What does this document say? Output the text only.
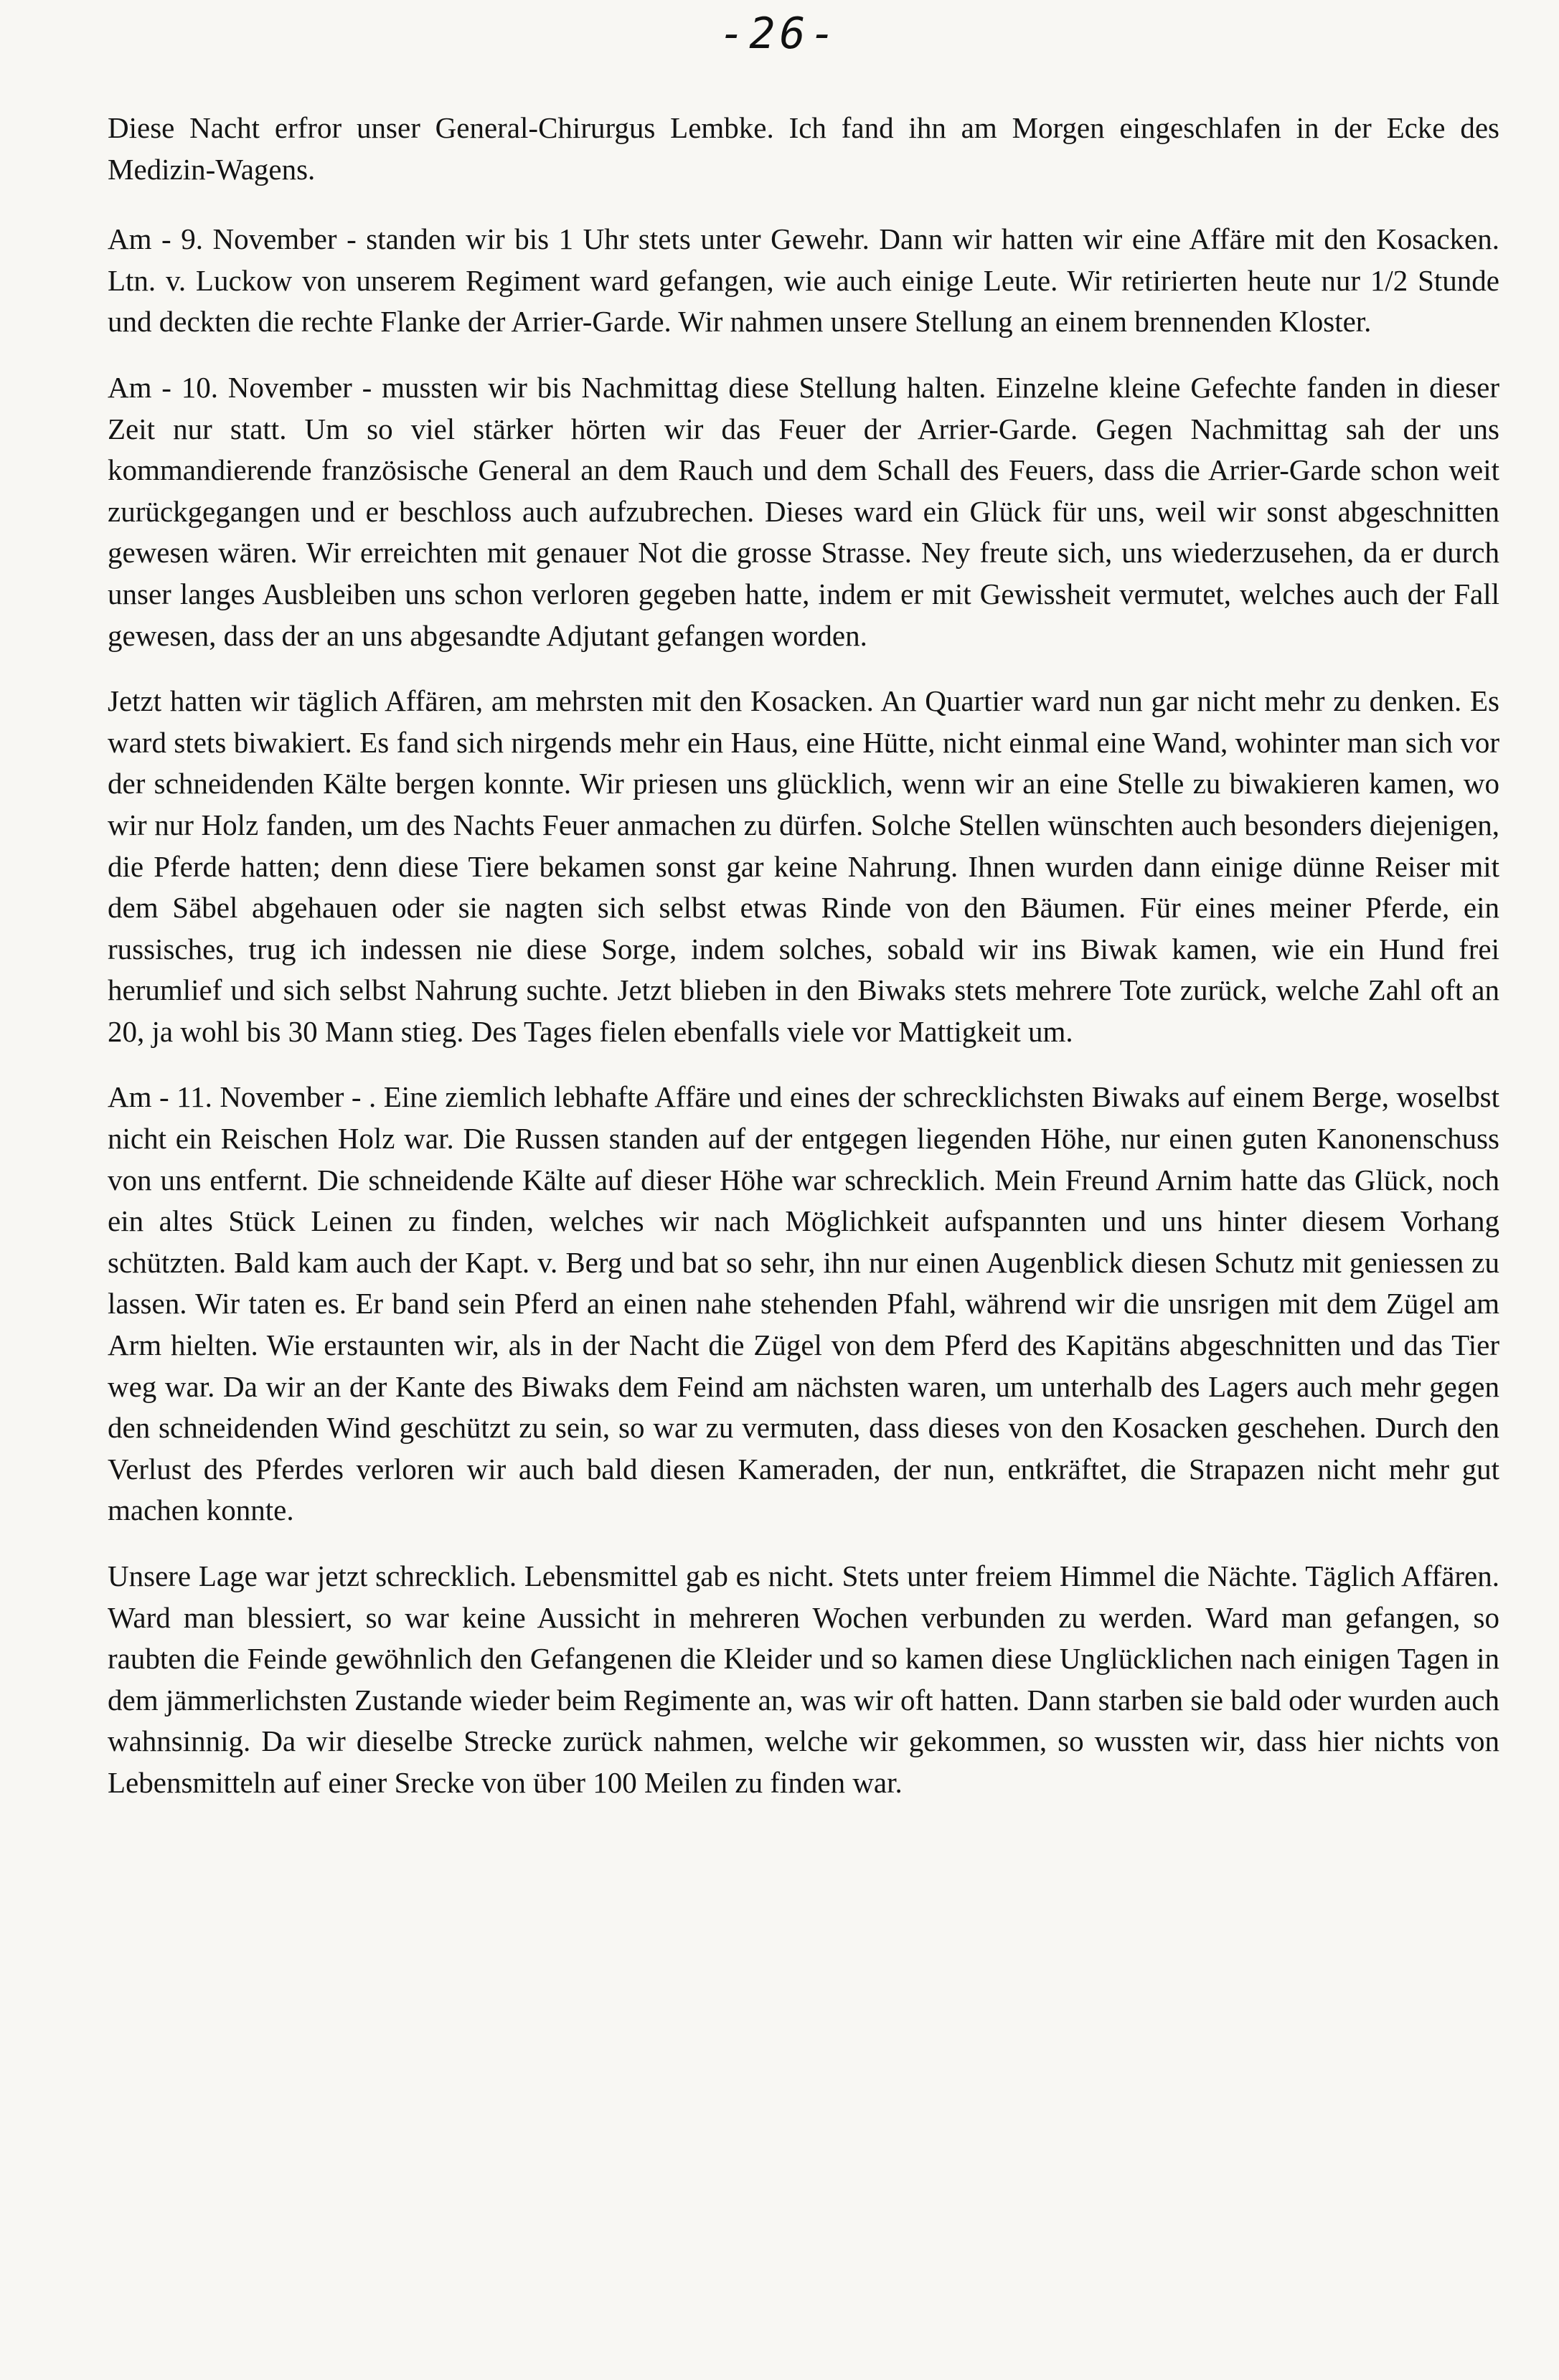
-26-

Diese Nacht erfror unser General-Chirurgus Lembke. Ich fand ihn am Morgen eingeschlafen in der Ecke des Medizin-Wagens.

Am - 9. November - standen wir bis 1 Uhr stets unter Gewehr. Dann wir hatten wir eine Affäre mit den Kosacken. Ltn. v. Luckow von unserem Regiment ward gefangen, wie auch einige Leute. Wir retirierten heute nur 1/2 Stunde und deckten die rechte Flanke der Arrier-Garde. Wir nahmen unsere Stellung an einem brennenden Kloster.

Am - 10. November - mussten wir bis Nachmittag diese Stellung halten. Einzelne kleine Gefechte fanden in dieser Zeit nur statt. Um so viel stärker hörten wir das Feuer der Arrier-Garde. Gegen Nachmittag sah der uns kommandierende französische General an dem Rauch und dem Schall des Feuers, dass die Arrier-Garde schon weit zurückgegangen und er beschloss auch aufzubrechen. Dieses ward ein Glück für uns, weil wir sonst abgeschnitten gewesen wären. Wir erreichten mit genauer Not die grosse Strasse. Ney freute sich, uns wiederzusehen, da er durch unser langes Ausbleiben uns schon verloren gegeben hatte, indem er mit Gewissheit vermutet, welches auch der Fall gewesen, dass der an uns abgesandte Adjutant gefangen worden.

Jetzt hatten wir täglich Affären, am mehrsten mit den Kosacken. An Quartier ward nun gar nicht mehr zu denken. Es ward stets biwakiert. Es fand sich nirgends mehr ein Haus, eine Hütte, nicht einmal eine Wand, wohinter man sich vor der schneidenden Kälte bergen konnte. Wir priesen uns glücklich, wenn wir an eine Stelle zu biwakieren kamen, wo wir nur Holz fanden, um des Nachts Feuer anmachen zu dürfen. Solche Stellen wünschten auch besonders diejenigen, die Pferde hatten; denn diese Tiere bekamen sonst gar keine Nahrung. Ihnen wurden dann einige dünne Reiser mit dem Säbel abgehauen oder sie nagten sich selbst etwas Rinde von den Bäumen. Für eines meiner Pferde, ein russisches, trug ich indessen nie diese Sorge, indem solches, sobald wir ins Biwak kamen, wie ein Hund frei herumlief und sich selbst Nahrung suchte. Jetzt blieben in den Biwaks stets mehrere Tote zurück, welche Zahl oft an 20, ja wohl bis 30 Mann stieg. Des Tages fielen ebenfalls viele vor Mattigkeit um.

Am - 11. November - . Eine ziemlich lebhafte Affäre und eines der schrecklichsten Biwaks auf einem Berge, woselbst nicht ein Reischen Holz war. Die Russen standen auf der entgegen liegenden Höhe, nur einen guten Kanonenschuss von uns entfernt. Die schneidende Kälte auf dieser Höhe war schrecklich. Mein Freund Arnim hatte das Glück, noch ein altes Stück Leinen zu finden, welches wir nach Möglichkeit aufspannten und uns hinter diesem Vorhang schützten. Bald kam auch der Kapt. v. Berg und bat so sehr, ihn nur einen Augenblick diesen Schutz mit geniessen zu lassen. Wir taten es. Er band sein Pferd an einen nahe stehenden Pfahl, während wir die unsrigen mit dem Zügel am Arm hielten. Wie erstaunten wir, als in der Nacht die Zügel von dem Pferd des Kapitäns abgeschnitten und das Tier weg war. Da wir an der Kante des Biwaks dem Feind am nächsten waren, um unterhalb des Lagers auch mehr gegen den schneidenden Wind geschützt zu sein, so war zu vermuten, dass dieses von den Kosacken geschehen. Durch den Verlust des Pferdes verloren wir auch bald diesen Kameraden, der nun, entkräftet, die Strapazen nicht mehr gut machen konnte.

Unsere Lage war jetzt schrecklich. Lebensmittel gab es nicht. Stets unter freiem Himmel die Nächte. Täglich Affären. Ward man blessiert, so war keine Aussicht in mehreren Wochen verbunden zu werden. Ward man gefangen, so raubten die Feinde gewöhnlich den Gefangenen die Kleider und so kamen diese Unglücklichen nach einigen Tagen in dem jämmerlichsten Zustande wieder beim Regimente an, was wir oft hatten. Dann starben sie bald oder wurden auch wahnsinnig. Da wir dieselbe Strecke zurück nahmen, welche wir gekommen, so wussten wir, dass hier nichts von Lebensmitteln auf einer Srecke von über 100 Meilen zu finden war.
